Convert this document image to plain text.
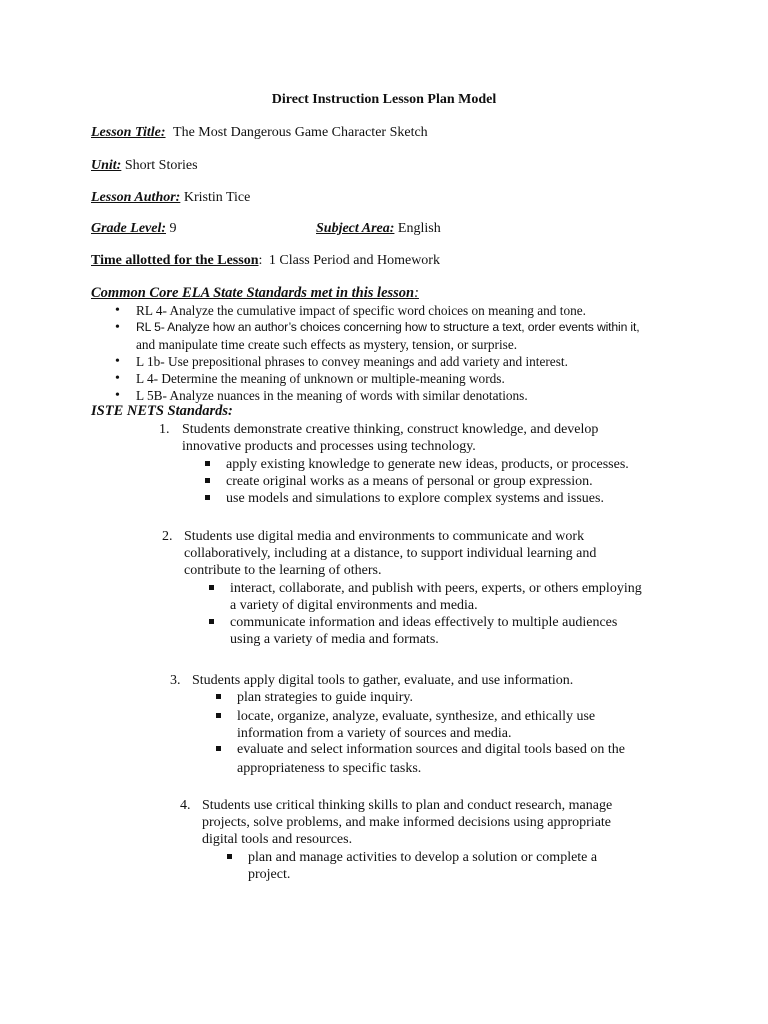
Direct Instruction Lesson Plan Model
Lesson Title: The Most Dangerous Game Character Sketch
Unit: Short Stories
Lesson Author: Kristin Tice
Grade Level: 9	Subject Area: English
Time allotted for the Lesson: 1 Class Period and Homework
Common Core ELA State Standards met in this lesson:
• RL 4- Analyze the cumulative impact of specific word choices on meaning and tone.
• RL 5- Analyze how an author’s choices concerning how to structure a text, order events within it,
and manipulate time create such effects as mystery, tension, or surprise.
• L 1b- Use prepositional phrases to convey meanings and add variety and interest.
• L 4- Determine the meaning of unknown or multiple-meaning words.
• L 5B- Analyze nuances in the meaning of words with similar denotations.
ISTE NETS Standards:
1. Students demonstrate creative thinking, construct knowledge, and develop
innovative products and processes using technology.
apply existing knowledge to generate new ideas, products, or processes.
create original works as a means of personal or group expression.
use models and simulations to explore complex systems and issues.
2. Students use digital media and environments to communicate and work
collaboratively, including at a distance, to support individual learning and
contribute to the learning of others.
interact, collaborate, and publish with peers, experts, or others employing
a variety of digital environments and media.
communicate information and ideas effectively to multiple audiences
using a variety of media and formats.
3. Students apply digital tools to gather, evaluate, and use information.
plan strategies to guide inquiry.
locate, organize, analyze, evaluate, synthesize, and ethically use
information from a variety of sources and media.
evaluate and select information sources and digital tools based on the
appropriateness to specific tasks.
4. Students use critical thinking skills to plan and conduct research, manage
projects, solve problems, and make informed decisions using appropriate
digital tools and resources.
plan and manage activities to develop a solution or complete a
project.
